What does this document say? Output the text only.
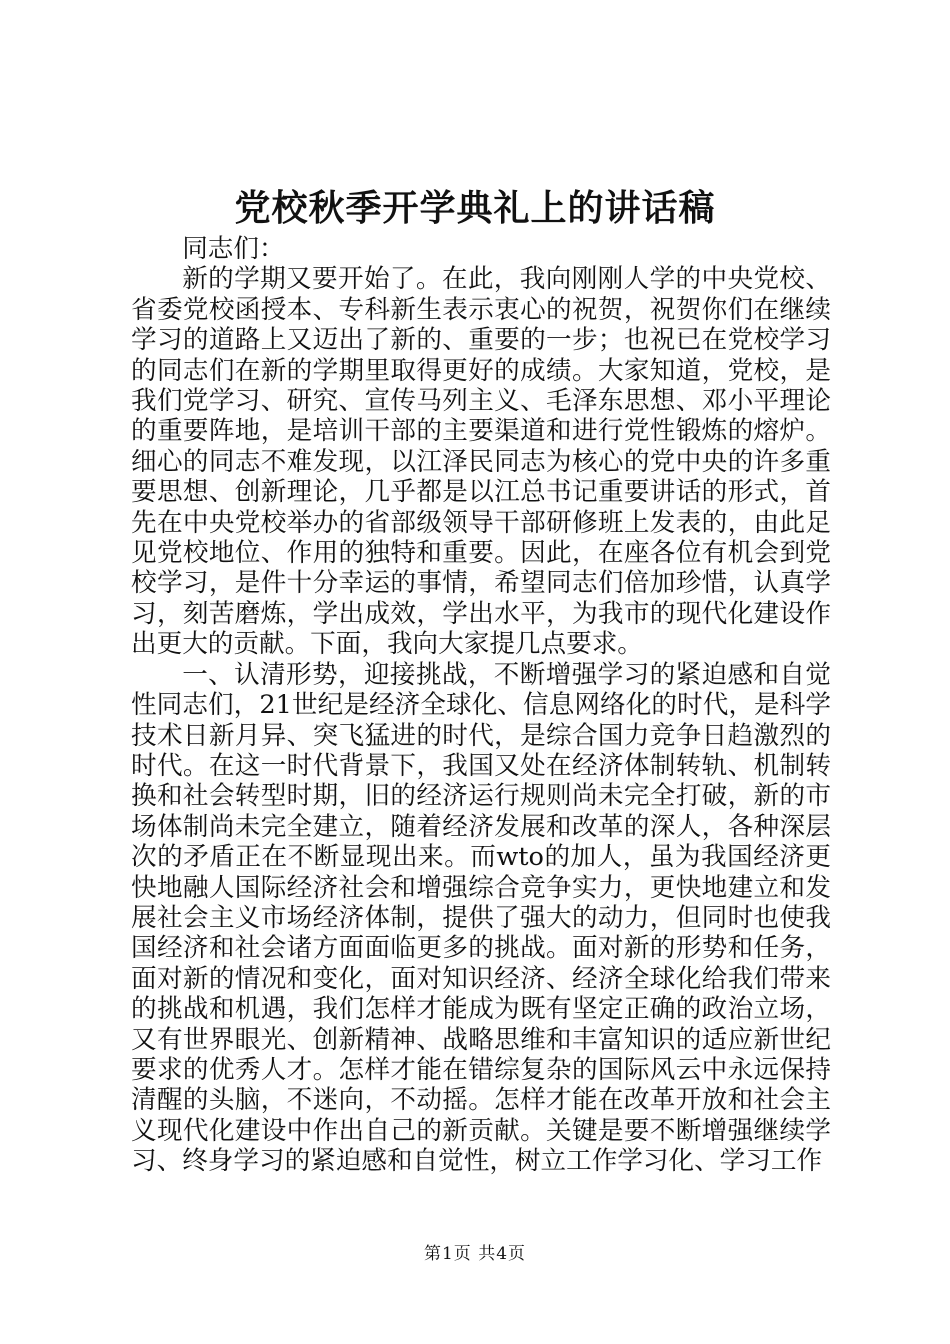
党校秋季开学典礼上的讲话稿

同志们：

新的学期又要开始了。在此，我向刚刚人学的中央党校、省委党校函授本、专科新生表示衷心的祝贺，祝贺你们在继续学习的道路上又迈出了新的、重要的一步；也祝已在党校学习的同志们在新的学期里取得更好的成绩。大家知道，党校，是我们党学习、研究、宣传马列主义、毛泽东思想、邓小平理论的重要阵地，是培训干部的主要渠道和进行党性锻炼的熔炉。细心的同志不难发现，以江泽民同志为核心的党中央的许多重要思想、创新理论，几乎都是以江总书记重要讲话的形式，首先在中央党校举办的省部级领导干部研修班上发表的，由此足见党校地位、作用的独特和重要。因此，在座各位有机会到党校学习，是件十分幸运的事情，希望同志们倍加珍惜，认真学习，刻苦磨炼，学出成效，学出水平，为我市的现代化建设作出更大的贡献。下面，我向大家提几点要求。

一、认清形势，迎接挑战，不断增强学习的紧迫感和自觉性同志们，21世纪是经济全球化、信息网络化的时代，是科学技术日新月异、突飞猛进的时代，是综合国力竞争日趋激烈的时代。在这一时代背景下，我国又处在经济体制转轨、机制转换和社会转型时期，旧的经济运行规则尚未完全打破，新的市场体制尚未完全建立，随着经济发展和改革的深人，各种深层次的矛盾正在不断显现出来。而wto的加人，虽为我国经济更快地融人国际经济社会和增强综合竞争实力，更快地建立和发展社会主义市场经济体制，提供了强大的动力，但同时也使我国经济和社会诸方面面临更多的挑战。面对新的形势和任务，面对新的情况和变化，面对知识经济、经济全球化给我们带来的挑战和机遇，我们怎样才能成为既有坚定正确的政治立场，又有世界眼光、创新精神、战略思维和丰富知识的适应新世纪要求的优秀人才。怎样才能在错综复杂的国际风云中永远保持清醒的头脑，不迷向，不动摇。怎样才能在改革开放和社会主义现代化建设中作出自己的新贡献。关键是要不断增强继续学习、终身学习的紧迫感和自觉性，树立工作学习化、学习工作

第1页 共4页
